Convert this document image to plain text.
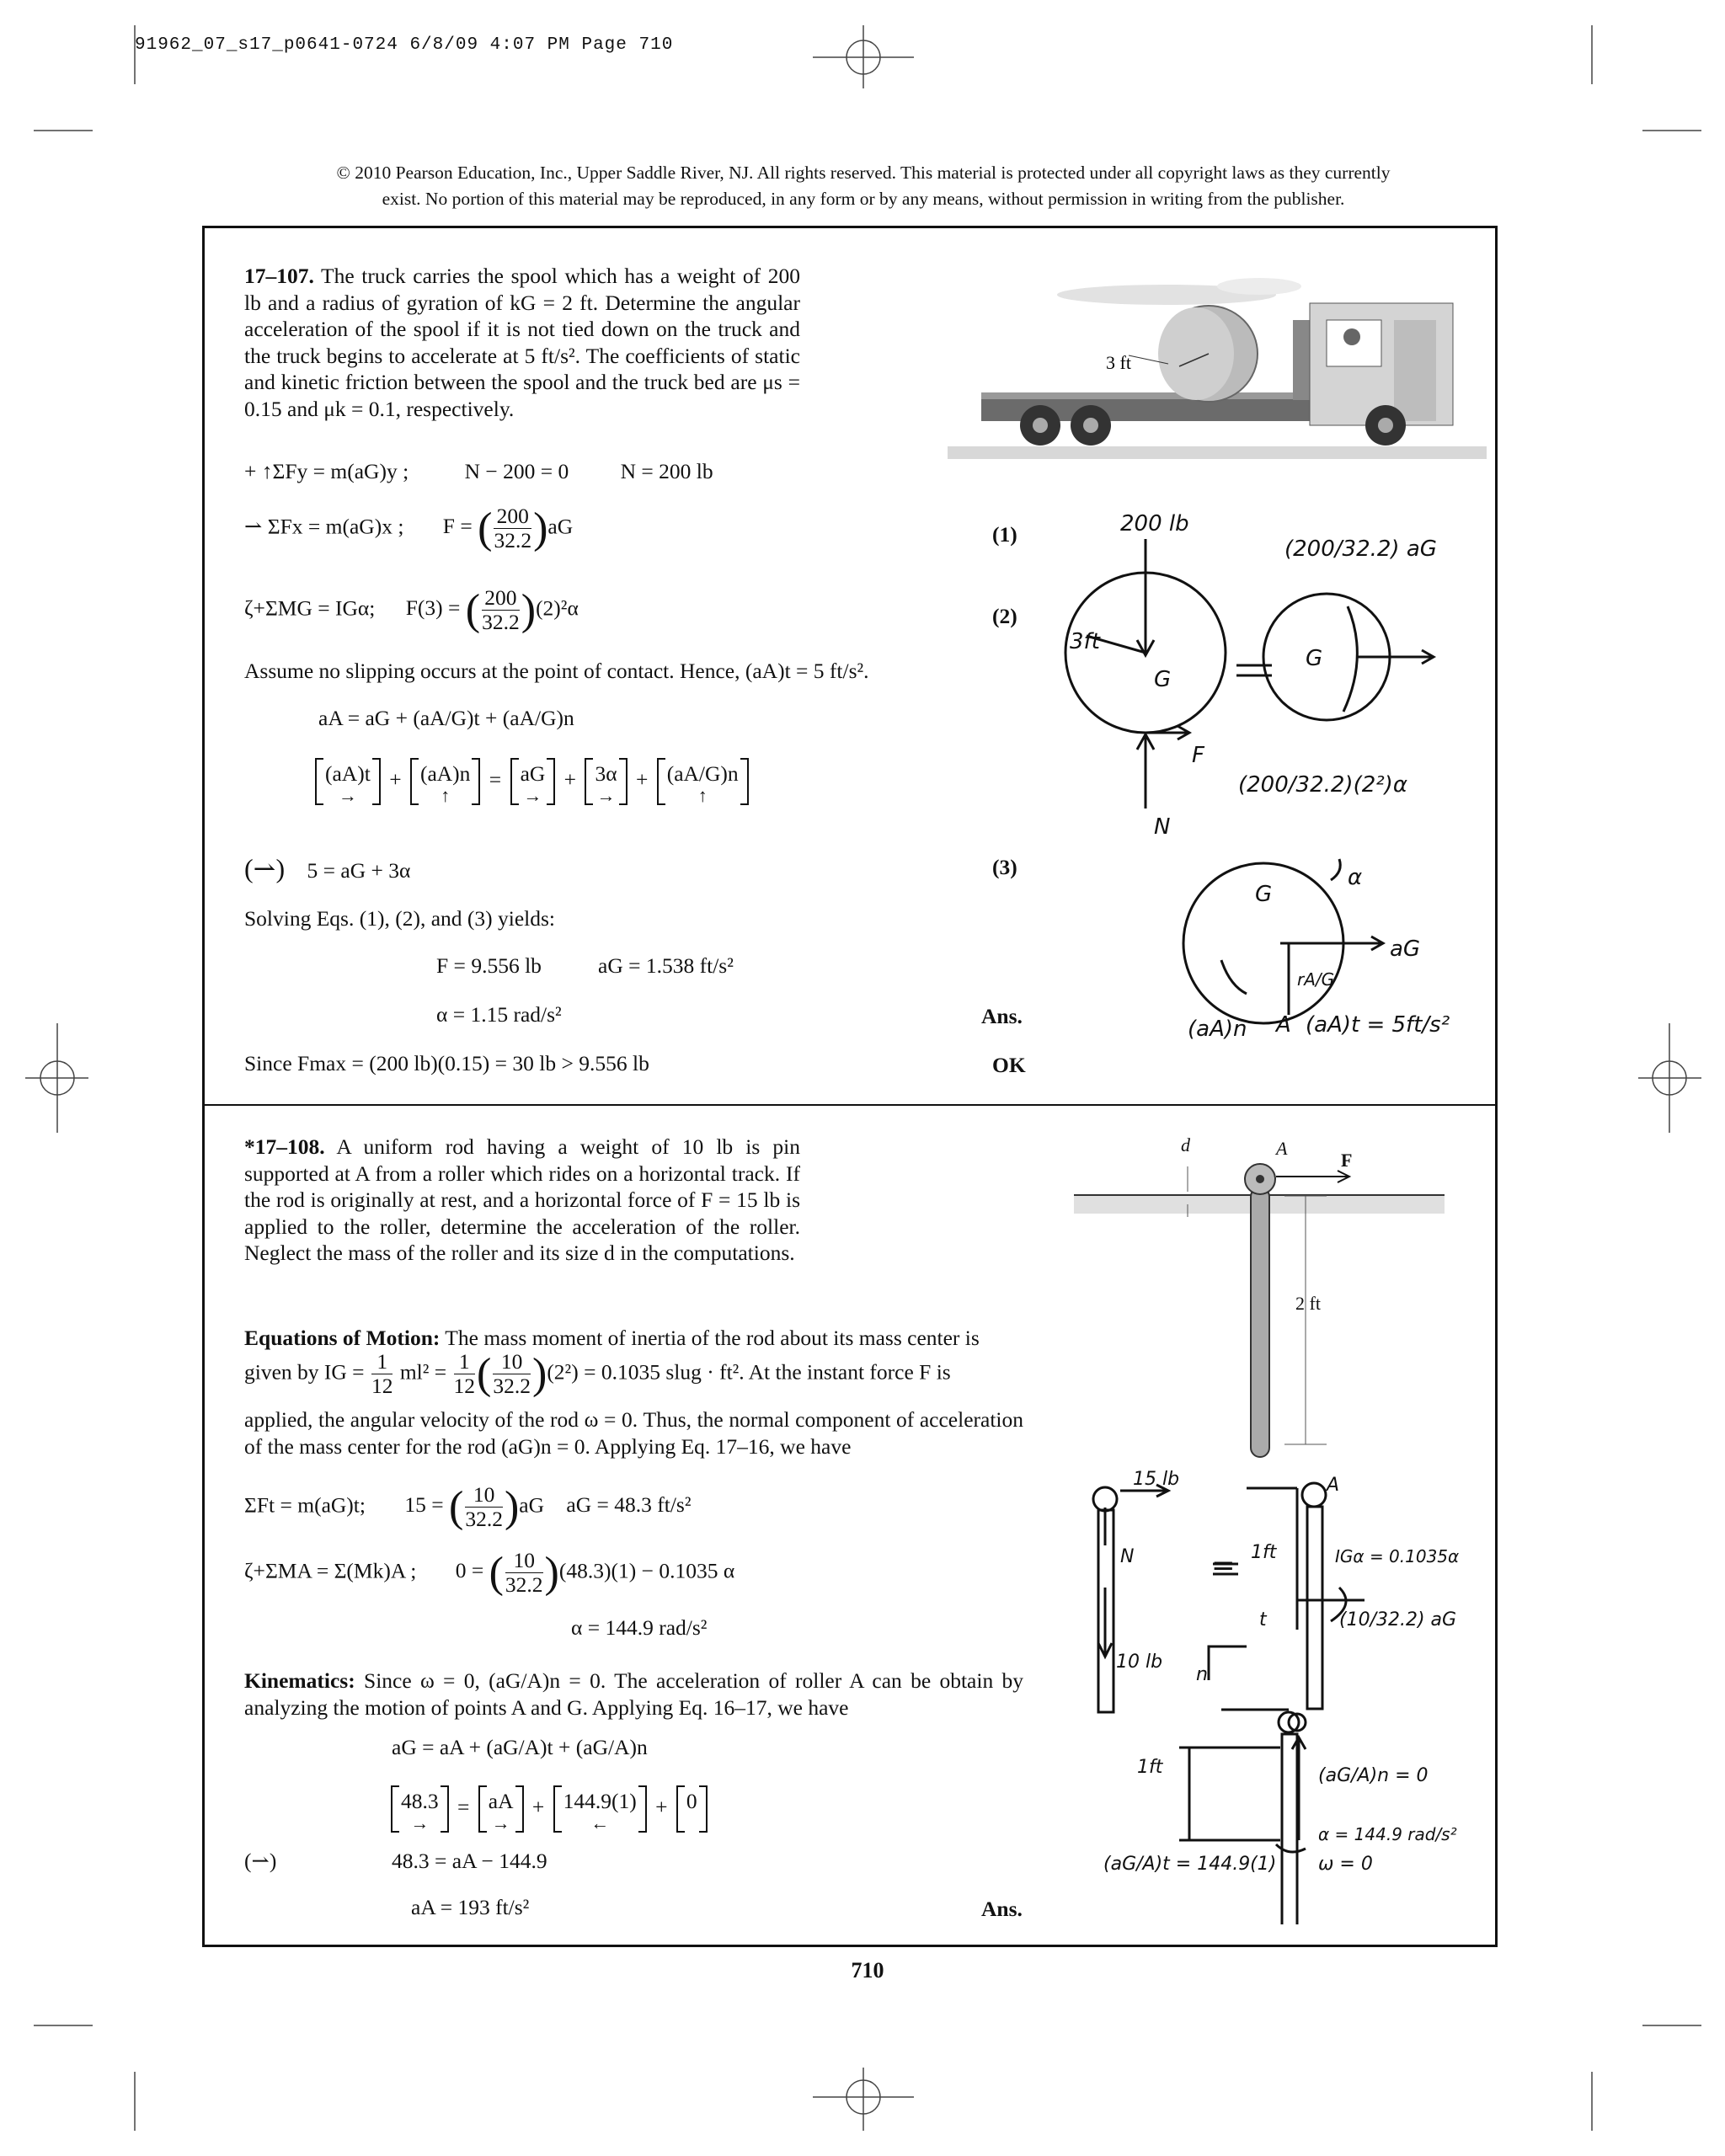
91962_07_s17_p0641-0724 6/8/09 4:07 PM Page 710
© 2010 Pearson Education, Inc., Upper Saddle River, NJ. All rights reserved. This material is protected under all copyright laws as they currently
exist. No portion of this material may be reproduced, in any form or by any means, without permission in writing from the publisher.
17–107. The truck carries the spool which has a weight of 200 lb and a radius of gyration of kG = 2 ft. Determine the angular acceleration of the spool if it is not tied down on the truck and the truck begins to accelerate at 5 ft/s². The coefficients of static and kinetic friction between the spool and the truck bed are μs = 0.15 and μk = 0.1, respectively.
3 ft
+ ↑ΣFy = m(aG)y ;	N − 200 = 0 N = 200 lb
⇀ ΣFx = m(aG)x ; F = ( $\frac{200}{32.2} )aG$	(1)
ζ+ΣMG = IGα; F(3) = ( $\frac{200}{32.2} )(2)^2\alpha$	(2)
Assume no slipping occurs at the point of contact. Hence, (aA)t = 5 ft/s².
aA = aG + (aA/G)t + (aA/G)n
(aA)t
→
+ (aA)n
↑
= aG
→
+ 3α
→
+ (aA/G)n
↑
(⇀) 5 = aG + 3α	(3)
Solving Eqs. (1), (2), and (3) yields:
F = 9.556 lb	aG = 1.538 ft/s²
α = 1.15 rad/s²	Ans.
Since Fmax = (200 lb)(0.15) = 30 lb > 9.556 lb	OK
200 lb
3ft
G
F
N
G
(200/32.2) aG
(200/32.2)(2²)α
α
aG
rA/G
G
A
(aA)n	(aA)t = 5ft/s²
*17–108. A uniform rod having a weight of 10 lb is pin supported at A from a roller which rides on a horizontal track. If the rod is originally at rest, and a horizontal force of F = 15 lb is applied to the roller, determine the acceleration of the roller. Neglect the mass of the roller and its size d in the computations.
d	A
F
2 ft
Equations of Motion: The mass moment of inertia of the rod about its mass center is
given by IG = $\frac{1}{12} ml^2 = \frac{1}{12}$ ( $\frac{10}{32.2} )(2^2) = 0.1035$ slug · ft². At the instant force F is
applied, the angular velocity of the rod ω = 0. Thus, the normal component of acceleration of the mass center for the rod (aG)n = 0. Applying Eq. 17–16, we have
ΣFt = m(aG)t; 15 = ( $\frac{10}{32.2} )aG$ aG = 48.3 ft/s²
ζ+ΣMA = Σ(Mk)A ; 0 = ( $\frac{10}{32.2} )(48.3)(1) - 0.1035$ α
α = 144.9 rad/s²
Kinematics: Since ω = 0, (aG/A)n = 0. The acceleration of roller A can be obtain by analyzing the motion of points A and G. Applying Eq. 16–17, we have
aG = aA + (aG/A)t + (aG/A)n
48.3
→
= aA
→
+ 144.9(1)
←
+ 0
(⇀)	48.3 = aA − 144.9
aA = 193 ft/s²	Ans.
15 lb
N
10 lb
= 1ft
A
IGα = 0.1035α
t
n
(10/32.2) aG
1ft	(aG/A)n = 0
α = 144.9 rad/s²
(aG/A)t = 144.9(1) ω = 0
710
